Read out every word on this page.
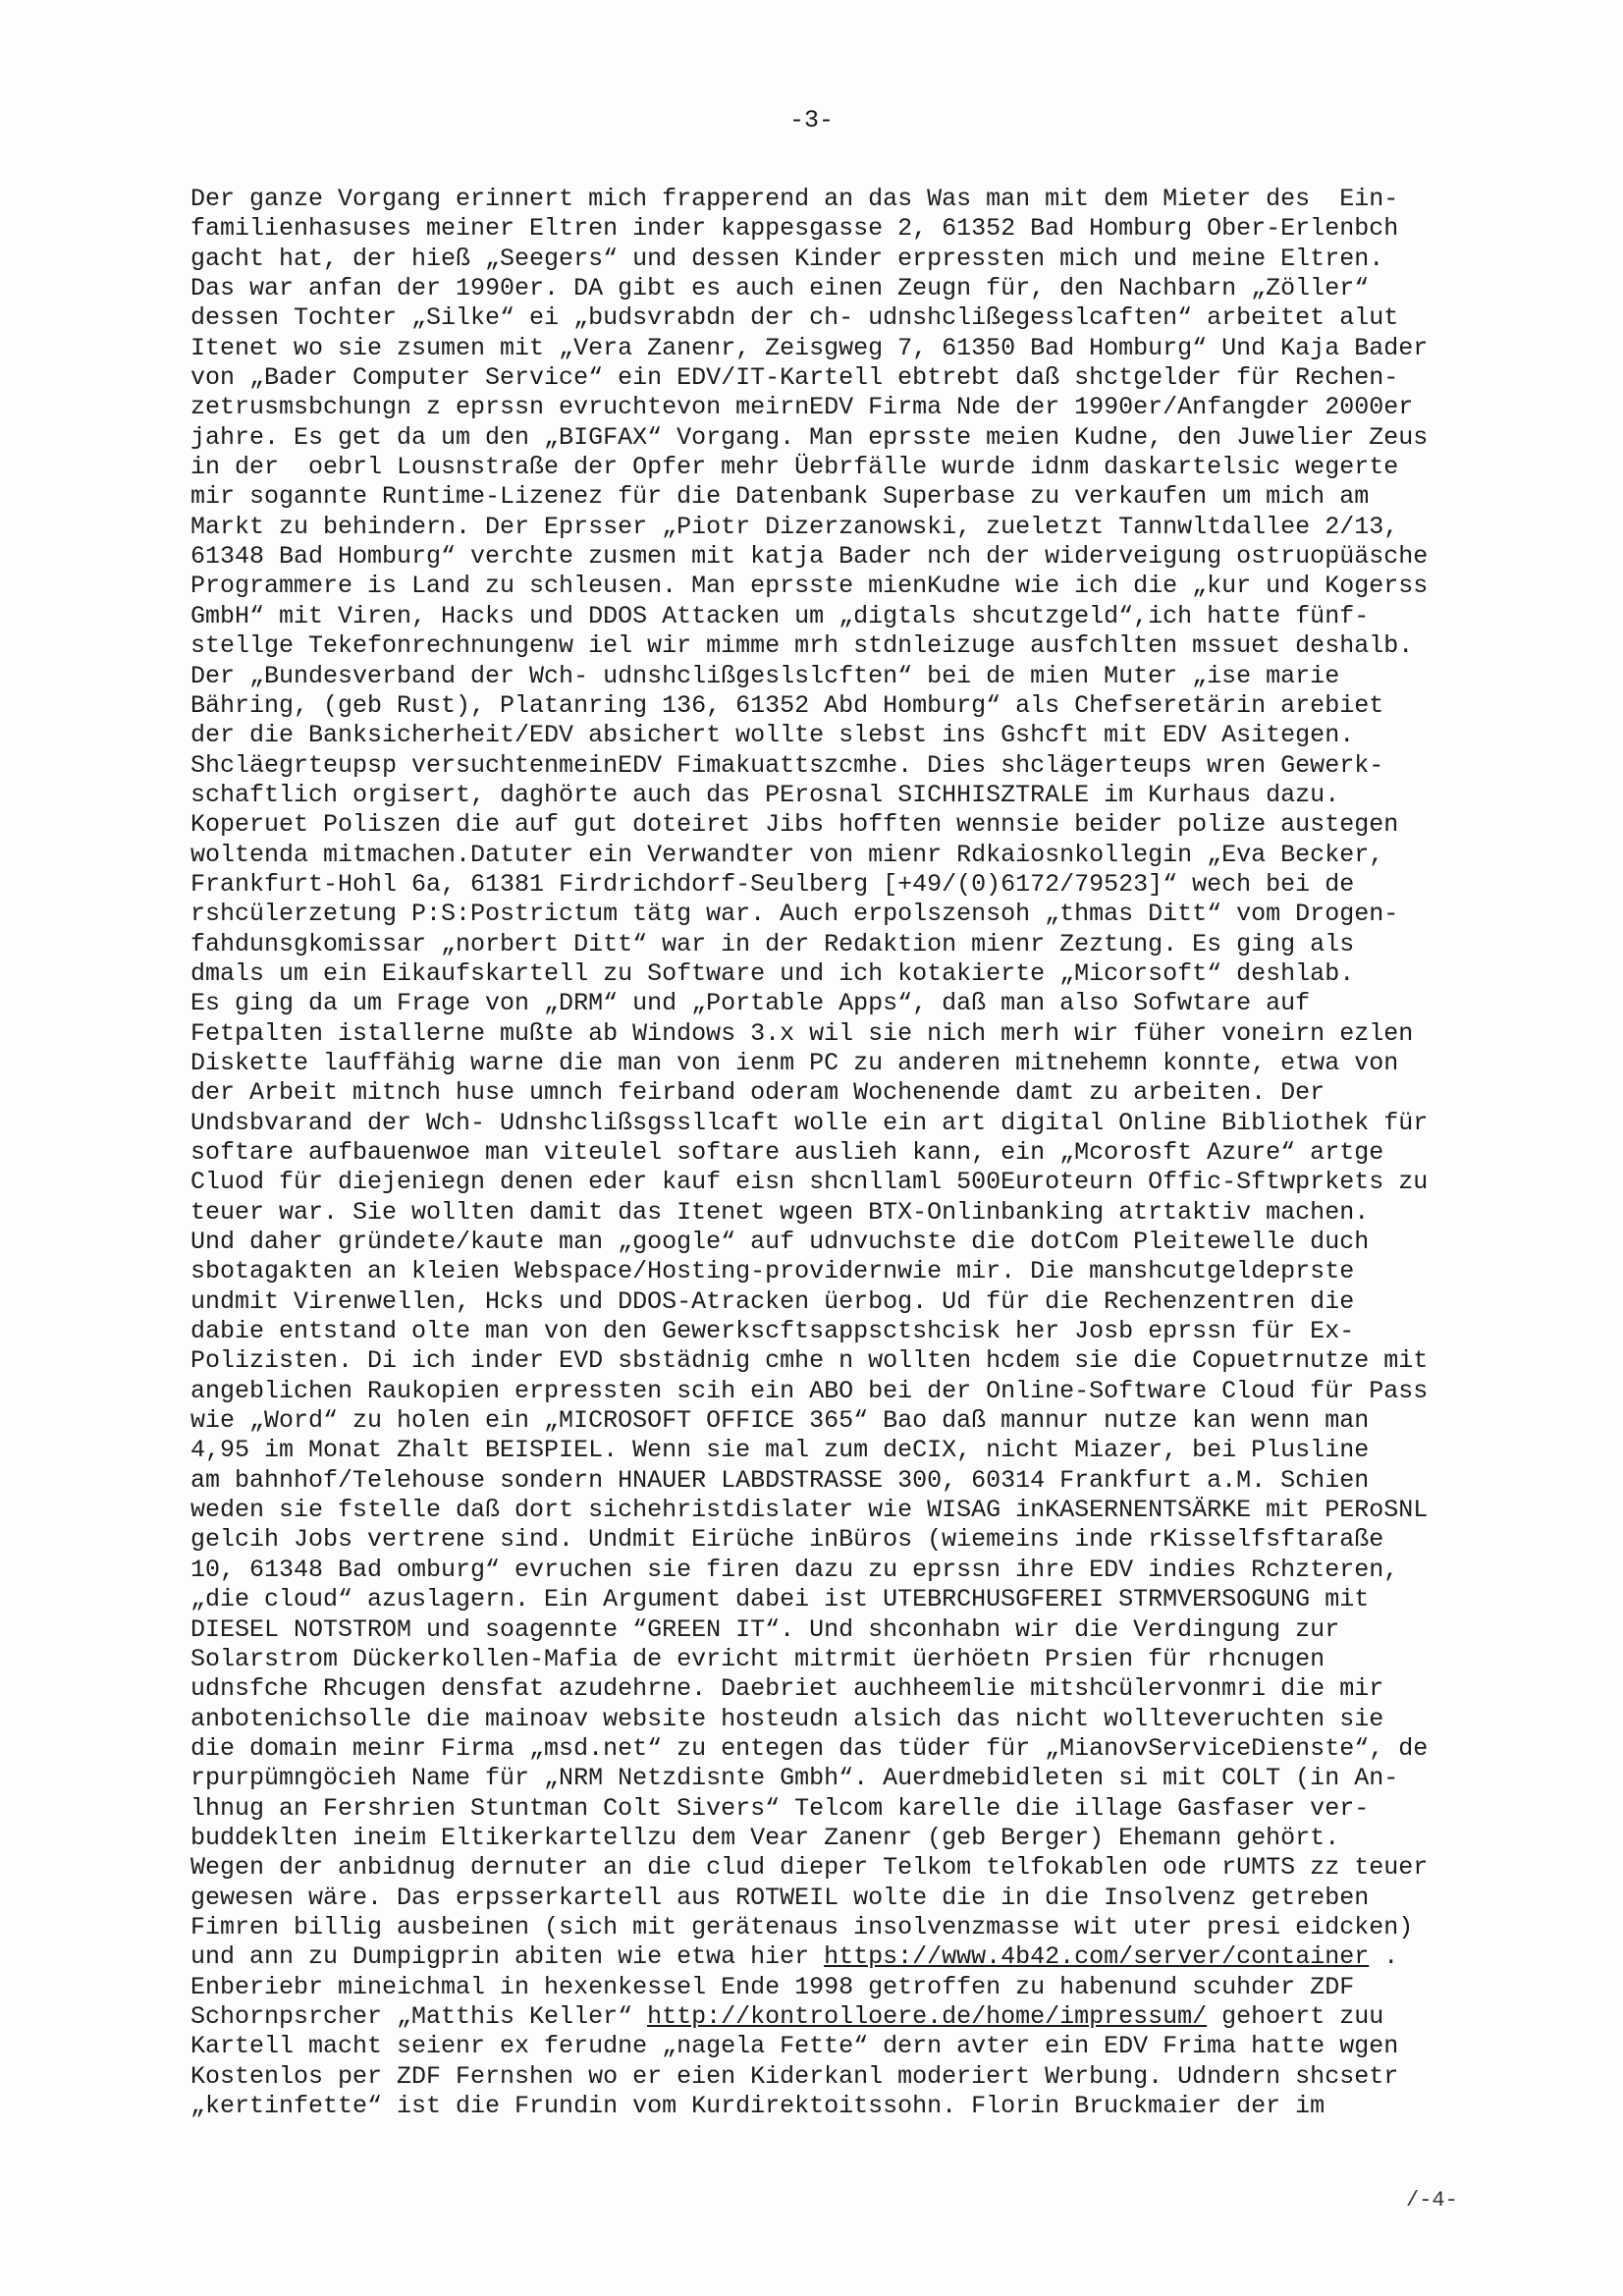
-3-
Der ganze Vorgang erinnert mich frapperend an das Was man mit dem Mieter des  Ein-
familienhasuses meiner Eltren inder kappesgasse 2, 61352 Bad Homburg Ober-Erlenbch
gacht hat, der hieß „Seegers“ und dessen Kinder erpressten mich und meine Eltren.
Das war anfan der 1990er. DA gibt es auch einen Zeugn für, den Nachbarn „Zöller“
dessen Tochter „Silke“ ei „budsvrabdn der ch- udnshclißegesslcaften“ arbeitet alut
Itenet wo sie zsumen mit „Vera Zanenr, Zeisgweg 7, 61350 Bad Homburg“ Und Kaja Bader
von „Bader Computer Service“ ein EDV/IT-Kartell ebtrebt daß shctgelder für Rechen-
zetrusmsbchungn z eprssn evruchtevon meirnEDV Firma Nde der 1990er/Anfangder 2000er
jahre. Es get da um den „BIGFAX“ Vorgang. Man eprsste meien Kudne, den Juwelier Zeus
in der  oebrl Lousnstraße der Opfer mehr Üebrfälle wurde idnm daskartelsic wegerte
mir sogannte Runtime-Lizenez für die Datenbank Superbase zu verkaufen um mich am
Markt zu behindern. Der Eprsser „Piotr Dizerzanowski, zueletzt Tannwltdallee 2/13,
61348 Bad Homburg“ verchte zusmen mit katja Bader nch der widerveigung ostruopüäsche
Programmere is Land zu schleusen. Man eprsste mienKudne wie ich die „kur und Kogerss
GmbH“ mit Viren, Hacks und DDOS Attacken um „digtals shcutzgeld“,ich hatte fünf-
stellge Tekefonrechnungenw iel wir mimme mrh stdnleizuge ausfchlten mssuet deshalb.
Der „Bundesverband der Wch- udnshclißgeslslcften“ bei de mien Muter „ise marie
Bähring, (geb Rust), Platanring 136, 61352 Abd Homburg“ als Chefseretärin arebiet
der die Banksicherheit/EDV absichert wollte slebst ins Gshcft mit EDV Asitegen.
Shcläegrteupsp versuchtenmeinEDV Fimakuattszcmhe. Dies shclägerteups wren Gewerk-
schaftlich orgisert, daghörte auch das PErosnal SICHHISZTRALE im Kurhaus dazu.
Koperuet Poliszen die auf gut doteiret Jibs hofften wennsie beider polize austegen
woltenda mitmachen.Datuter ein Verwandter von mienr Rdkaiosnkollegin „Eva Becker,
Frankfurt-Hohl 6a, 61381 Firdrichdorf-Seulberg [+49/(0)6172/79523]“ wech bei de
rshcülerzetung P:S:Postrictum tätg war. Auch erpolszensoh „thmas Ditt“ vom Drogen-
fahdunsgkomissar „norbert Ditt“ war in der Redaktion mienr Zeztung. Es ging als
dmals um ein Eikaufskartell zu Software und ich kotakierte „Micorsoft“ deshlab.
Es ging da um Frage von „DRM“ und „Portable Apps“, daß man also Sofwtare auf
Fetpalten istallerne mußte ab Windows 3.x wil sie nich merh wir füher voneirn ezlen
Diskette lauffähig warne die man von ienm PC zu anderen mitnehemn konnte, etwa von
der Arbeit mitnch huse umnch feirband oderam Wochenende damt zu arbeiten. Der
Undsbvarand der Wch- Udnshclißsgssllcaft wolle ein art digital Online Bibliothek für
softare aufbauenwoe man viteulel softare auslieh kann, ein „Mcorosft Azure“ artge
Cluod für diejeniegn denen eder kauf eisn shcnllaml 500Euroteurn Offic-Sftwprkets zu
teuer war. Sie wollten damit das Itenet wgeen BTX-Onlinbanking atrtaktiv machen.
Und daher gründete/kaute man „google“ auf udnvuchste die dotCom Pleitewelle duch
sbotagakten an kleien Webspace/Hosting-providernwie mir. Die manshcutgeldeprste
undmit Virenwellen, Hcks und DDOS-Atracken üerbog. Ud für die Rechenzentren die
dabie entstand olte man von den Gewerkscftsappsctshcisk her Josb eprssn für Ex-
Polizisten. Di ich inder EVD sbstädnig cmhe n wollten hcdem sie die Copuetrnutze mit
angeblichen Raukopien erpressten scih ein ABO bei der Online-Software Cloud für Pass
wie „Word“ zu holen ein „MICROSOFT OFFICE 365“ Bao daß mannur nutze kan wenn man
4,95 im Monat Zhalt BEISPIEL. Wenn sie mal zum deCIX, nicht Miazer, bei Plusline
am bahnhof/Telehouse sondern HNAUER LABDSTRASSE 300, 60314 Frankfurt a.M. Schien
weden sie fstelle daß dort sichehristdislater wie WISAG inKASERNENTSÄRKE mit PERoSNL
gelcih Jobs vertrene sind. Undmit Eirüche inBüros (wiemeins inde rKisselfsftaraße
10, 61348 Bad omburg“ evruchen sie firen dazu zu eprssn ihre EDV indies Rchzteren,
„die cloud“ azuslagern. Ein Argument dabei ist UTEBRCHUSGFEREI STRMVERSOGUNG mit
DIESEL NOTSTROM und soagennte “GREEN IT“. Und shconhabn wir die Verdingung zur
Solarstrom Dückerkollen-Mafia de evricht mitrmit üerhöetn Prsien für rhcnugen
udnsfche Rhcugen densfat azudehrne. Daebriet auchheemlie mitshcülervonmri die mir
anbotenichsolle die mainoav website hosteudn alsich das nicht wollteveruchten sie
die domain meinr Firma „msd.net“ zu entegen das tüder für „MianovServiceDienste“, de
rpurpümngöcieh Name für „NRM Netzdisnte Gmbh“. Auerdmebidleten si mit COLT (in An-
lhnug an Fershrien Stuntman Colt Sivers“ Telcom karelle die illage Gasfaser ver-
buddeklten ineim Eltikerkartellzu dem Vear Zanenr (geb Berger) Ehemann gehört.
Wegen der anbidnug dernuter an die clud dieper Telkom telfokablen ode rUMTS zz teuer
gewesen wäre. Das erpsserkartell aus ROTWEIL wolte die in die Insolvenz getreben
Fimren billig ausbeinen (sich mit gerätenaus insolvenzmasse wit uter presi eidcken)
und ann zu Dumpigprin abiten wie etwa hier https://www.4b42.com/server/container .
Enberiebr mineichmal in hexenkessel Ende 1998 getroffen zu habenund scuhder ZDF
Schornpsrcher „Matthis Keller“ http://kontrolloere.de/home/impressum/ gehoert zuu
Kartell macht seienr ex ferudne „nagela Fette“ dern avter ein EDV Frima hatte wgen
Kostenlos per ZDF Fernshen wo er eien Kiderkanl moderiert Werbung. Udndern shcsetr
„kertinfette“ ist die Frundin vom Kurdirektoitssohn. Florin Bruckmaier der im
/-4-
